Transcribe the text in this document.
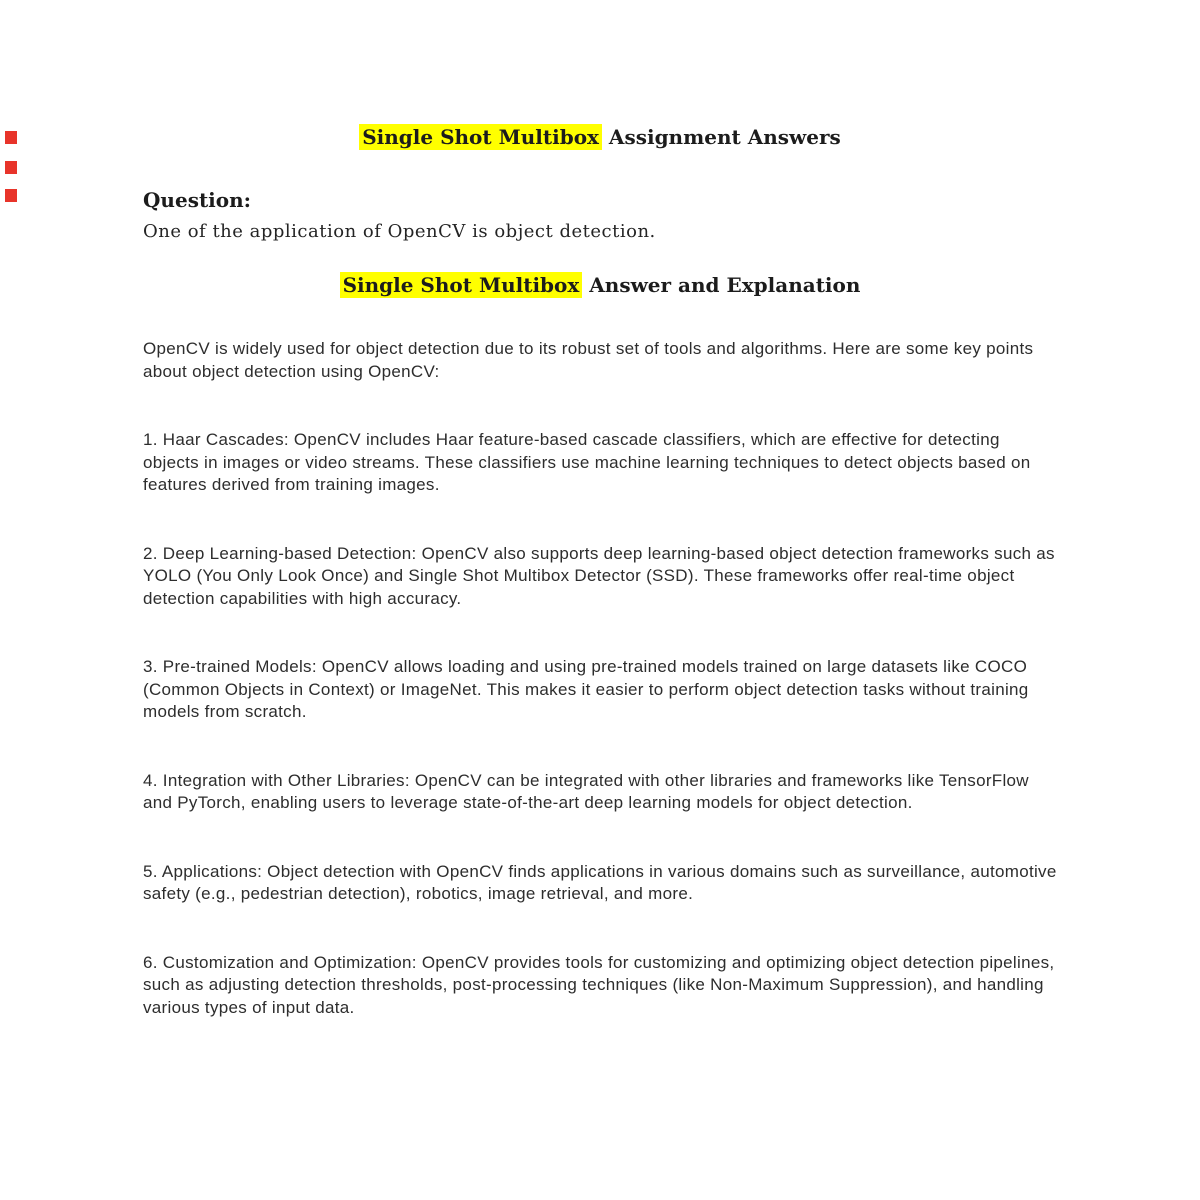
Single Shot Multibox Assignment Answers
Question:

One of the application of OpenCV is object detection.

Single Shot Multibox Answer and Explanation

OpenCV is widely used for object detection due to its robust set of tools and algorithms. Here are some key points about object detection using OpenCV:

1. Haar Cascades: OpenCV includes Haar feature-based cascade classifiers, which are effective for detecting objects in images or video streams. These classifiers use machine learning techniques to detect objects based on features derived from training images.

2. Deep Learning-based Detection: OpenCV also supports deep learning-based object detection frameworks such as YOLO (You Only Look Once) and Single Shot Multibox Detector (SSD). These frameworks offer real-time object detection capabilities with high accuracy.

3. Pre-trained Models: OpenCV allows loading and using pre-trained models trained on large datasets like COCO (Common Objects in Context) or ImageNet. This makes it easier to perform object detection tasks without training models from scratch.

4. Integration with Other Libraries: OpenCV can be integrated with other libraries and frameworks like TensorFlow and PyTorch, enabling users to leverage state-of-the-art deep learning models for object detection.

5. Applications: Object detection with OpenCV finds applications in various domains such as surveillance, automotive safety (e.g., pedestrian detection), robotics, image retrieval, and more.

6. Customization and Optimization: OpenCV provides tools for customizing and optimizing object detection pipelines, such as adjusting detection thresholds, post-processing techniques (like Non-Maximum Suppression), and handling various types of input data.
